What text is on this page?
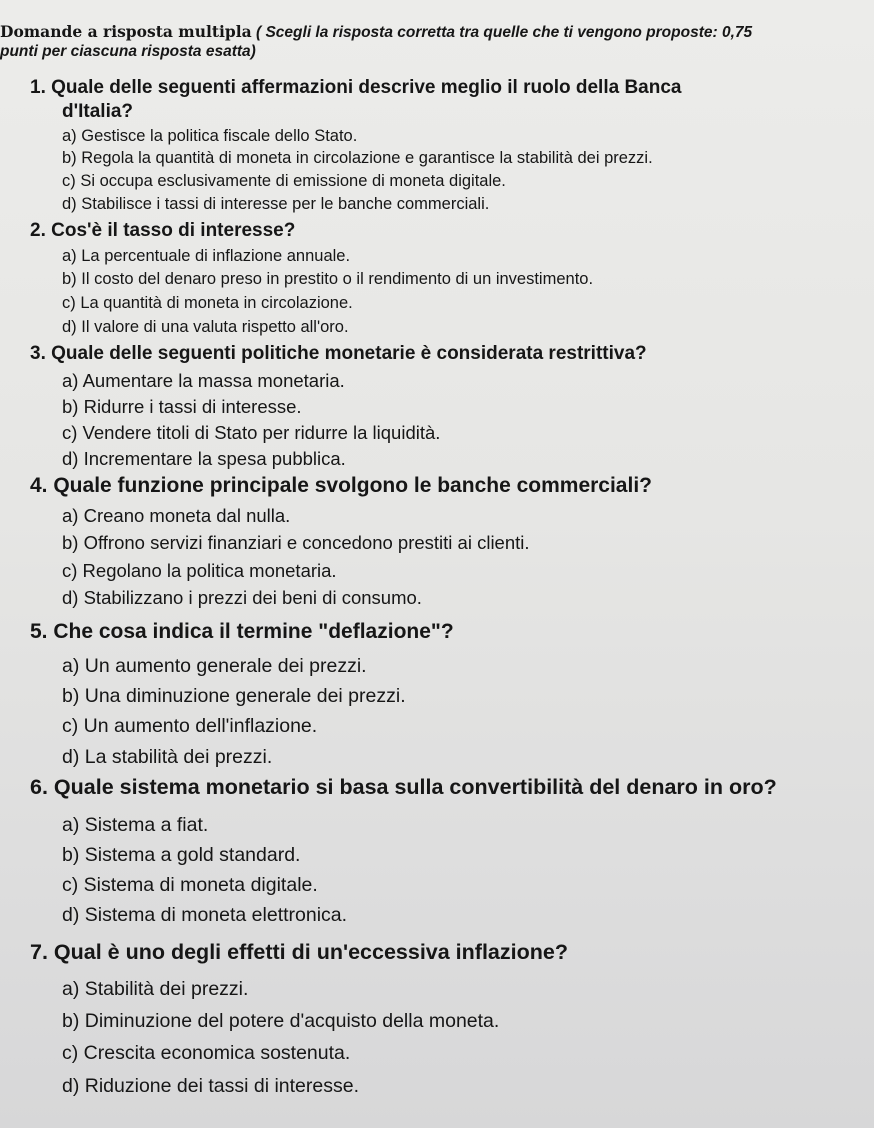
Domande a risposta multipla ( Scegli la risposta corretta tra quelle che ti vengono proposte: 0,75
punti per ciascuna risposta esatta)
1. Quale delle seguenti affermazioni descrive meglio il ruolo della Banca
d'Italia?
a) Gestisce la politica fiscale dello Stato.
b) Regola la quantità di moneta in circolazione e garantisce la stabilità dei prezzi.
c) Si occupa esclusivamente di emissione di moneta digitale.
d) Stabilisce i tassi di interesse per le banche commerciali.
2. Cos'è il tasso di interesse?
a) La percentuale di inflazione annuale.
b) Il costo del denaro preso in prestito o il rendimento di un investimento.
c) La quantità di moneta in circolazione.
d) Il valore di una valuta rispetto all'oro.
3. Quale delle seguenti politiche monetarie è considerata restrittiva?
a) Aumentare la massa monetaria.
b) Ridurre i tassi di interesse.
c) Vendere titoli di Stato per ridurre la liquidità.
d) Incrementare la spesa pubblica.
4. Quale funzione principale svolgono le banche commerciali?
a) Creano moneta dal nulla.
b) Offrono servizi finanziari e concedono prestiti ai clienti.
c) Regolano la politica monetaria.
d) Stabilizzano i prezzi dei beni di consumo.
5. Che cosa indica il termine "deflazione"?
a) Un aumento generale dei prezzi.
b) Una diminuzione generale dei prezzi.
c) Un aumento dell'inflazione.
d) La stabilità dei prezzi.
6. Quale sistema monetario si basa sulla convertibilità del denaro in oro?
a) Sistema a fiat.
b) Sistema a gold standard.
c) Sistema di moneta digitale.
d) Sistema di moneta elettronica.
7. Qual è uno degli effetti di un'eccessiva inflazione?
a) Stabilità dei prezzi.
b) Diminuzione del potere d'acquisto della moneta.
c) Crescita economica sostenuta.
d) Riduzione dei tassi di interesse.
